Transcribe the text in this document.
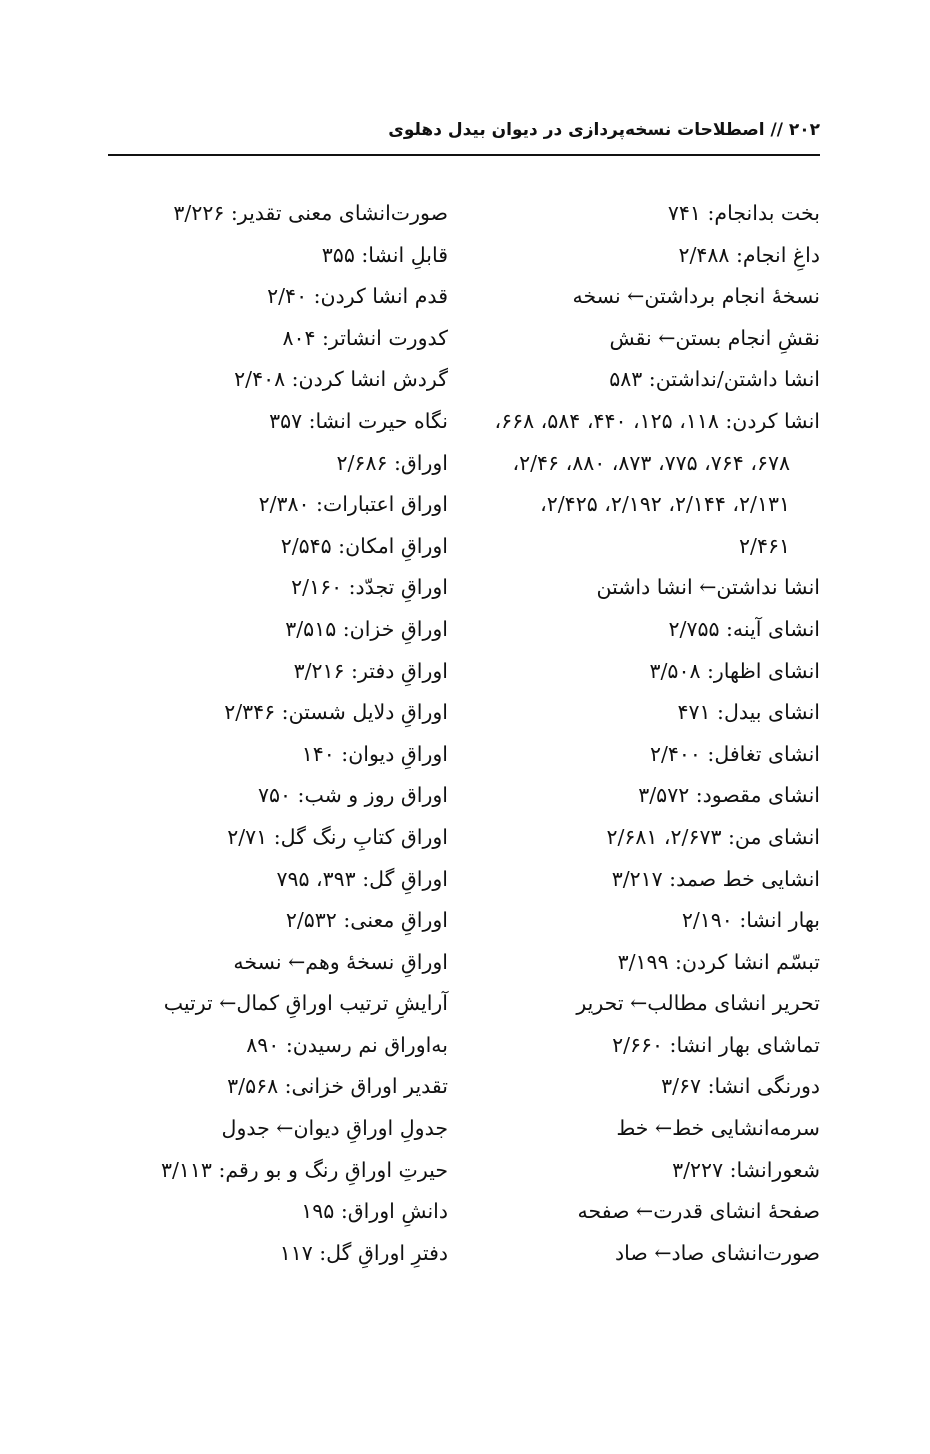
۲۰۲ // اصطلاحات نسخه‌پردازی در دیوان بیدل دهلوی
بخت بدانجام: ۷۴۱
داغِ انجام: ۲/۴۸۸
نسخهٔ انجام برداشتن← نسخه
نقشِ انجام بستن← نقش
انشا داشتن/نداشتن: ۵۸۳
انشا کردن: ۱۱۸، ۱۲۵، ۴۴۰، ۵۸۴، ۶۶۸،
۶۷۸، ۷۶۴، ۷۷۵، ۸۷۳، ۸۸۰، ۲/۴۶،
۲/۱۳۱، ۲/۱۴۴، ۲/۱۹۲، ۲/۴۲۵،
۲/۴۶۱
انشا نداشتن← انشا داشتن
انشای آینه: ۲/۷۵۵
انشای اظهار: ۳/۵۰۸
انشای بیدل: ۴۷۱
انشای تغافل: ۲/۴۰۰
انشای مقصود: ۳/۵۷۲
انشای من: ۲/۶۷۳، ۲/۶۸۱
انشایی خط صمد: ۳/۲۱۷
بهار انشا: ۲/۱۹۰
تبسّم انشا کردن: ۳/۱۹۹
تحریر انشای مطالب← تحریر
تماشای بهار انشا: ۲/۶۶۰
دورنگی انشا: ۳/۶۷
سرمه‌انشایی خط← خط
شعورانشا: ۳/۲۲۷
صفحهٔ انشای قدرت← صفحه
صورت‌انشای صاد← صاد
صورت‌انشای معنی تقدیر: ۳/۲۲۶
قابلِ انشا: ۳۵۵
قدم انشا کردن: ۲/۴۰
کدورت انشاتر: ۸۰۴
گردش انشا کردن: ۲/۴۰۸
نگاه حیرت انشا: ۳۵۷
اوراق: ۲/۶۸۶
اوراق اعتبارات: ۲/۳۸۰
اوراقِ امکان: ۲/۵۴۵
اوراقِ تجدّد: ۲/۱۶۰
اوراقِ خزان: ۳/۵۱۵
اوراقِ دفتر: ۳/۲۱۶
اوراقِ دلایل شستن: ۲/۳۴۶
اوراقِ دیوان: ۱۴۰
اوراق روز و شب: ۷۵۰
اوراق کتابِ رنگ گل: ۲/۷۱
اوراقِ گل: ۳۹۳، ۷۹۵
اوراقِ معنی: ۲/۵۳۲
اوراقِ نسخهٔ وهم← نسخه
آرایشِ ترتیب اوراقِ کمال← ترتیب
به‌اوراق نم رسیدن: ۸۹۰
تقدیر اوراق خزانی: ۳/۵۶۸
جدولِ اوراقِ دیوان← جدول
حیرتِ اوراقِ رنگ و بو رقم: ۳/۱۱۳
دانشِ اوراق: ۱۹۵
دفترِ اوراقِ گل: ۱۱۷
